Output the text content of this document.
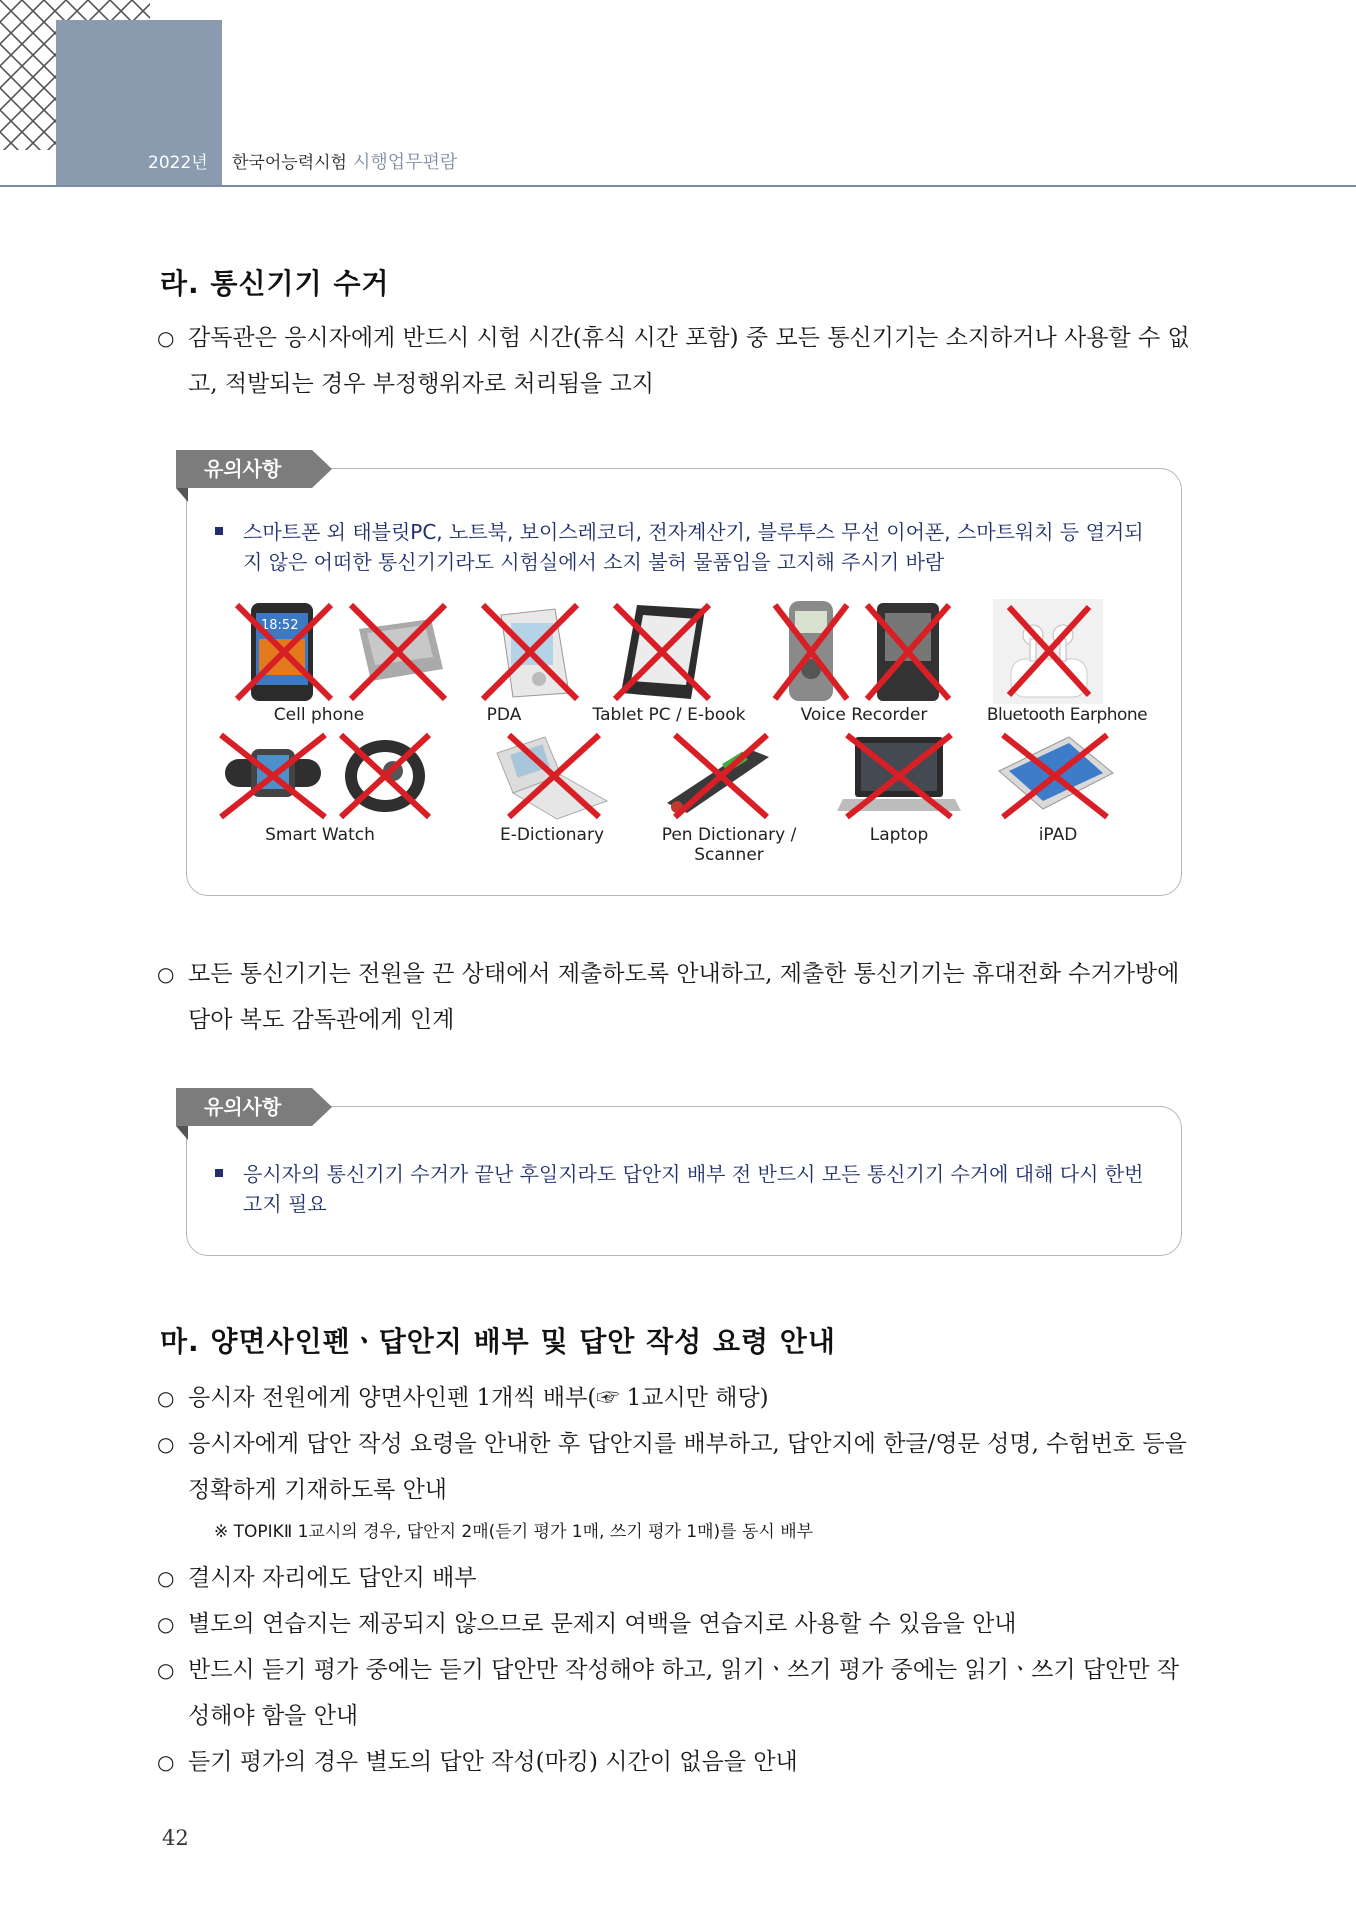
2022년 한국어능력시험 시행업무편람
라. 통신기기 수거
○ 감독관은 응시자에게 반드시 시험 시간(휴식 시간 포함) 중 모든 통신기기는 소지하거나 사용할 수 없고, 적발되는 경우 부정행위자로 처리됨을 고지
스마트폰 외 태블릿PC, 노트북, 보이스레코더, 전자계산기, 블루투스 무선 이어폰, 스마트워치 등 열거되지 않은 어떠한 통신기기라도 시험실에서 소지 불허 물품임을 고지해 주시기 바람
18:52
Cell phone	PDA	Tablet PC / E-book	Voice Recorder	Bluetooth Earphone
Smart Watch	E-Dictionary	Pen Dictionary / Scanner
Laptop	iPAD
유의사항
○ 모든 통신기기는 전원을 끈 상태에서 제출하도록 안내하고, 제출한 통신기기는 휴대전화 수거가방에 담아 복도 감독관에게 인계
응시자의 통신기기 수거가 끝난 후일지라도 답안지 배부 전 반드시 모든 통신기기 수거에 대해 다시 한번 고지 필요
유의사항
마. 양면사인펜ㆍ답안지 배부 및 답안 작성 요령 안내
○ 응시자 전원에게 양면사인펜 1개씩 배부(☞ 1교시만 해당)
○ 응시자에게 답안 작성 요령을 안내한 후 답안지를 배부하고, 답안지에 한글/영문 성명, 수험번호 등을 정확하게 기재하도록 안내
※ TOPIKⅡ 1교시의 경우, 답안지 2매(듣기 평가 1매, 쓰기 평가 1매)를 동시 배부
○ 결시자 자리에도 답안지 배부
○ 별도의 연습지는 제공되지 않으므로 문제지 여백을 연습지로 사용할 수 있음을 안내
○ 반드시 듣기 평가 중에는 듣기 답안만 작성해야 하고, 읽기ㆍ쓰기 평가 중에는 읽기ㆍ쓰기 답안만 작성해야 함을 안내
○ 듣기 평가의 경우 별도의 답안 작성(마킹) 시간이 없음을 안내
42
